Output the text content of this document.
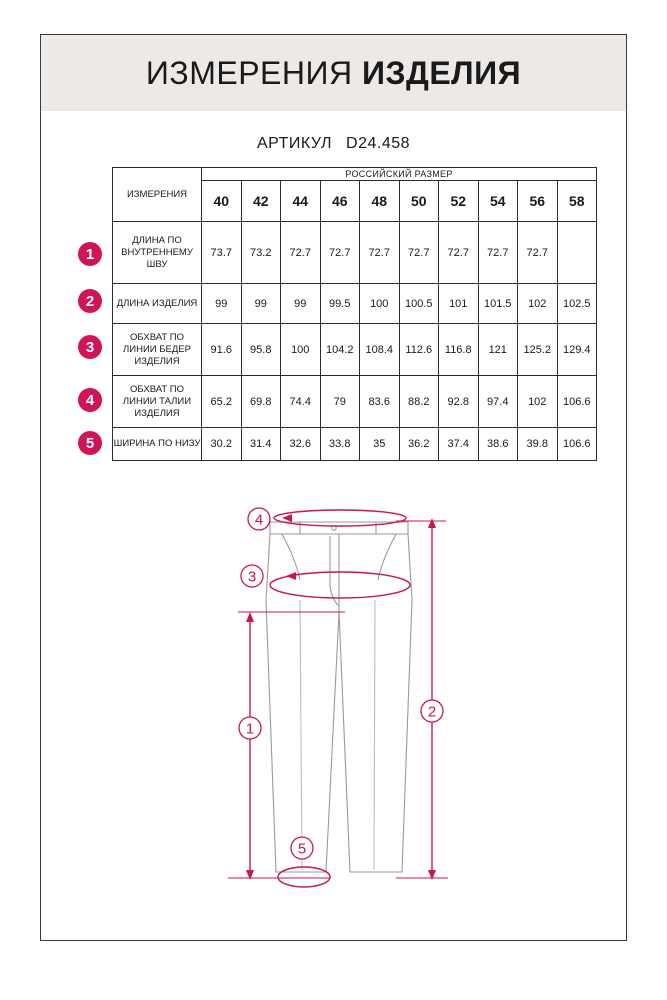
ИЗМЕРЕНИЯ ИЗДЕЛИЯ
АРТИКУЛ D24.458
ИЗМЕРЕНИЯ	РОССИЙСКИЙ РАЗМЕР									
	40	42	44	46	48	50	52	54	56	58
ДЛИНА ПО ВНУТРЕННЕМУ ШВУ	73.7	73.2	72.7	72.7	72.7	72.7	72.7	72.7	72.7	
ДЛИНА ИЗДЕЛИЯ	99	99	99	99.5	100	100.5	101	101.5	102	102.5
ОБХВАТ ПО ЛИНИИ БЕДЕР ИЗДЕЛИЯ	91.6	95.8	100	104.2	108.4	112.6	116.8	121	125.2	129.4
ОБХВАТ ПО ЛИНИИ ТАЛИИ ИЗДЕЛИЯ	65.2	69.8	74.4	79	83.6	88.2	92.8	97.4	102	106.6
ШИРИНА ПО НИЗУ	30.2	31.4	32.6	33.8	35	36.2	37.4	38.6	39.8	106.6
1
2
3
4
5
4
3
1
2
5
